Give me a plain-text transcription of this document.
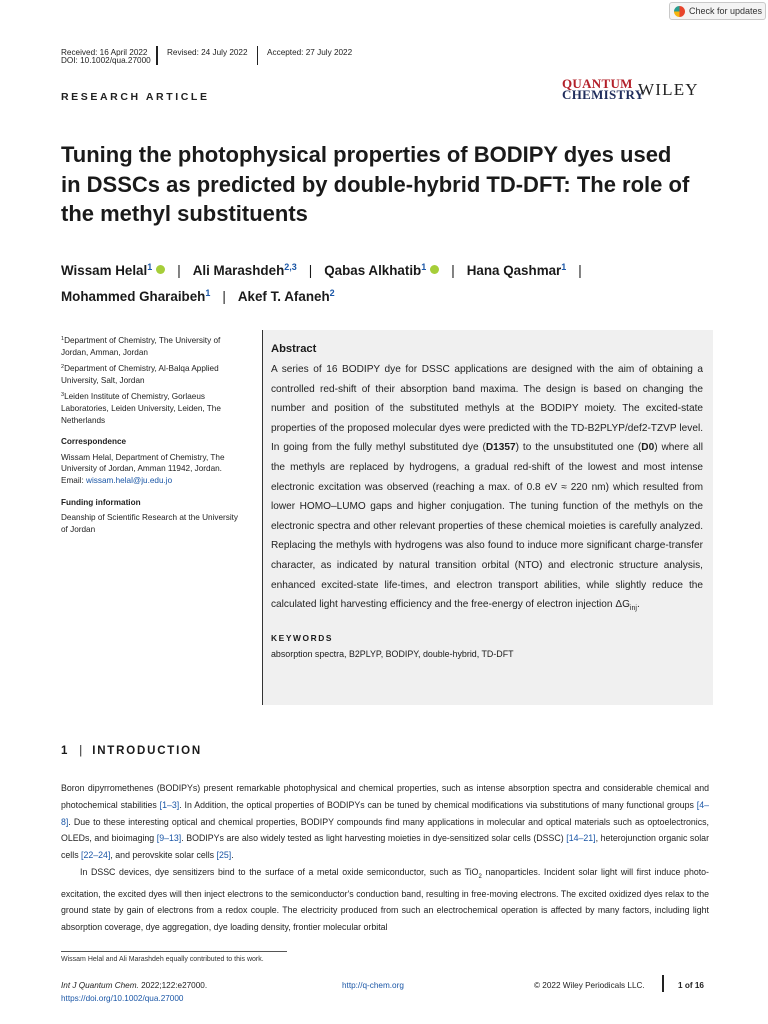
Check for updates
Received: 16 April 2022	Revised: 24 July 2022	Accepted: 27 July 2022
DOI: 10.1002/qua.27000
RESEARCH ARTICLE
QUANTUM
CHEMISTRY
WILEY
Tuning the photophysical properties of BODIPY dyes used in DSSCs as predicted by double-hybrid TD-DFT: The role of the methyl substituents
Wissam Helal$^1$ | Ali Marashdeh$^{2,3}$ | Qabas Alkhatib$^1$ | Hana Qashmar$^1$ |
Mohammed Gharaibeh$^1$ | Akef T. Afaneh$^2$

$^1$Department of Chemistry, The University of Jordan, Amman, Jordan

$^2$Department of Chemistry, Al-Balqa Applied University, Salt, Jordan

$^3$Leiden Institute of Chemistry, Gorlaeus Laboratories, Leiden University, Leiden, The Netherlands

Correspondence

Wissam Helal, Department of Chemistry, The University of Jordan, Amman 11942, Jordan. Email: wissam.helal@ju.edu.jo

Funding information

Deanship of Scientific Research at the University of Jordan

Abstract
A series of 16 BODIPY dye for DSSC applications are designed with the aim of obtaining a controlled red-shift of their absorption band maxima. The design is based on changing the number and position of the substituted methyls at the BODIPY moiety. The excited-state properties of the proposed molecular dyes were predicted with the TD-B2PLYP/def2-TZVP level. In going from the fully methyl substituted dye (D1357) to the unsubstituted one (D0) where all the methyls are replaced by hydrogens, a gradual red-shift of the lowest and most intense electronic excitation was observed (reaching a max. of 0.8 eV ≈ 220 nm) which resulted from lower HOMO–LUMO gaps and higher conjugation. The tuning function of the methyls on the electronic spectra and other relevant properties of these chemical moieties is carefully analyzed. Replacing the methyls with hydrogens was also found to induce more significant charge-transfer character, as indicated by natural transition orbital (NTO) and electronic structure analysis, enhanced excited-state life-times, and electron transport abilities, while slightly reduce the calculated light harvesting efficiency and the free-energy of electron injection $\Delta G_{inj}$.
KEYWORDS
absorption spectra, B2PLYP, BODIPY, double-hybrid, TD-DFT
1 | INTRODUCTION

Boron dipyrromethenes (BODIPYs) present remarkable photophysical and chemical properties, such as intense absorption spectra and considerable chemical and photochemical stabilities [1–3]. In Addition, the optical properties of BODIPYs can be tuned by chemical modifications via substitutions of many functional groups [4–8]. Due to these interesting optical and chemical properties, BODIPY compounds find many applications in molecular and optical materials such as optoelectronics, OLEDs, and bioimaging [9–13]. BODIPYs are also widely tested as light harvesting moieties in dye-sensitized solar cells (DSSC) [14–21], heterojunction organic solar cells [22–24], and perovskite solar cells [25].

In DSSC devices, dye sensitizers bind to the surface of a metal oxide semiconductor, such as TiO$_2$ nanoparticles. Incident solar light will first induce photo-excitation, the excited dyes will then inject electrons to the semiconductor's conduction band, resulting in free-moving electrons. The excited oxidized dyes relax to the ground state by gain of electrons from a redox couple. The electricity produced from such an electrochemical operation is affected by many factors, including light absorption coverage, dye aggregation, dye loading density, frontier molecular orbital

Wissam Helal and Ali Marashdeh equally contributed to this work.
Int J Quantum Chem. 2022;122:e27000.
https://doi.org/10.1002/qua.27000
http://q-chem.org	© 2022 Wiley Periodicals LLC.	1 of 16
